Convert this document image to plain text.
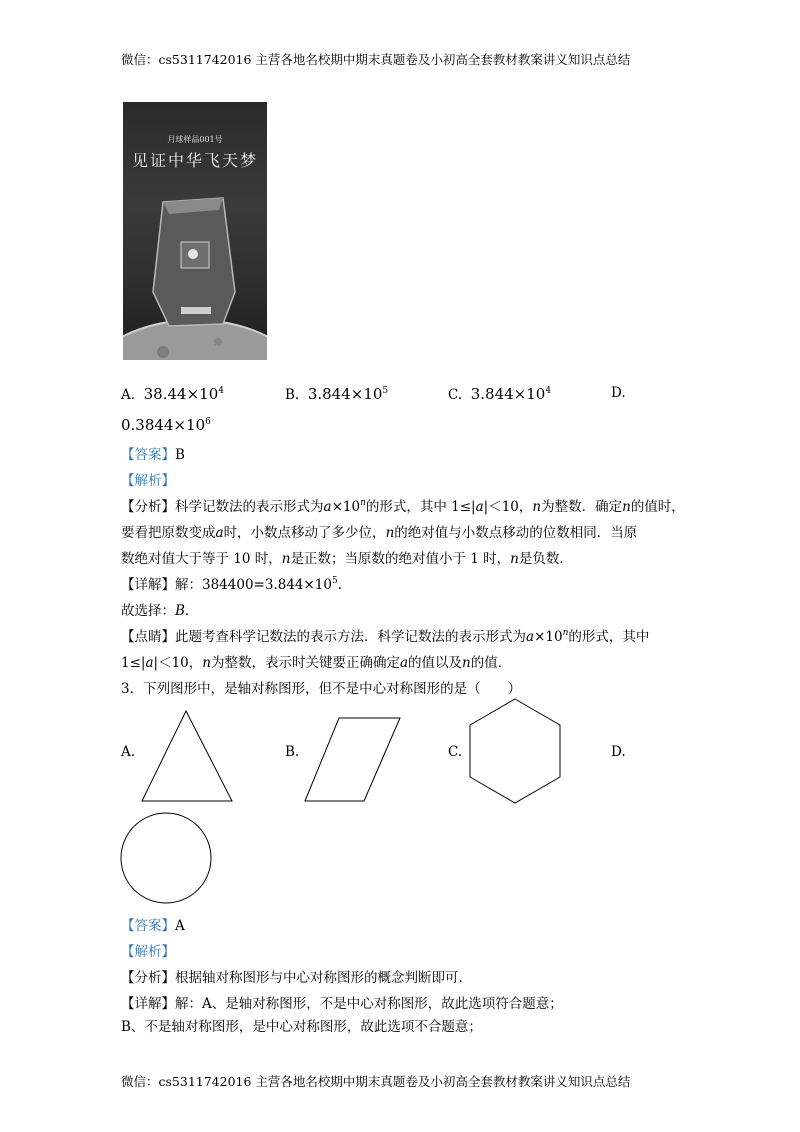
微信：cs5311742016 主营各地名校期中期末真题卷及小初高全套教材教案讲义知识点总结
月球样品001号
见证中华飞天梦
A. $38.44\times 10^4$	B. $3.844\times 10^5$	C. $3.844\times 10^4$	D.
$0.3844\times 10^6$
【答案】B
【解析】
【分析】科学记数法的表示形式为$a\times 10^n$的形式，其中 1≤|a|＜10，n为整数．确定n的值时，
要看把原数变成a时，小数点移动了多少位，n的绝对值与小数点移动的位数相同．当原
数绝对值大于等于 10 时，n是正数；当原数的绝对值小于 1 时，n是负数．
【详解】解：$384400=3.844\times 10^5$．
故选择：B．
【点睛】此题考查科学记数法的表示方法．科学记数法的表示形式为$a\times 10^n$的形式，其中
1≤|a|＜10，n为整数，表示时关键要正确确定a的值以及n的值．
3．下列图形中，是轴对称图形，但不是中心对称图形的是（　　）
A.	B.	C.	D.
【答案】A
【解析】
【分析】根据轴对称图形与中心对称图形的概念判断即可．
【详解】解：A、是轴对称图形，不是中心对称图形，故此选项符合题意；
B、不是轴对称图形，是中心对称图形，故此选项不合题意；
微信：cs5311742016 主营各地名校期中期末真题卷及小初高全套教材教案讲义知识点总结
